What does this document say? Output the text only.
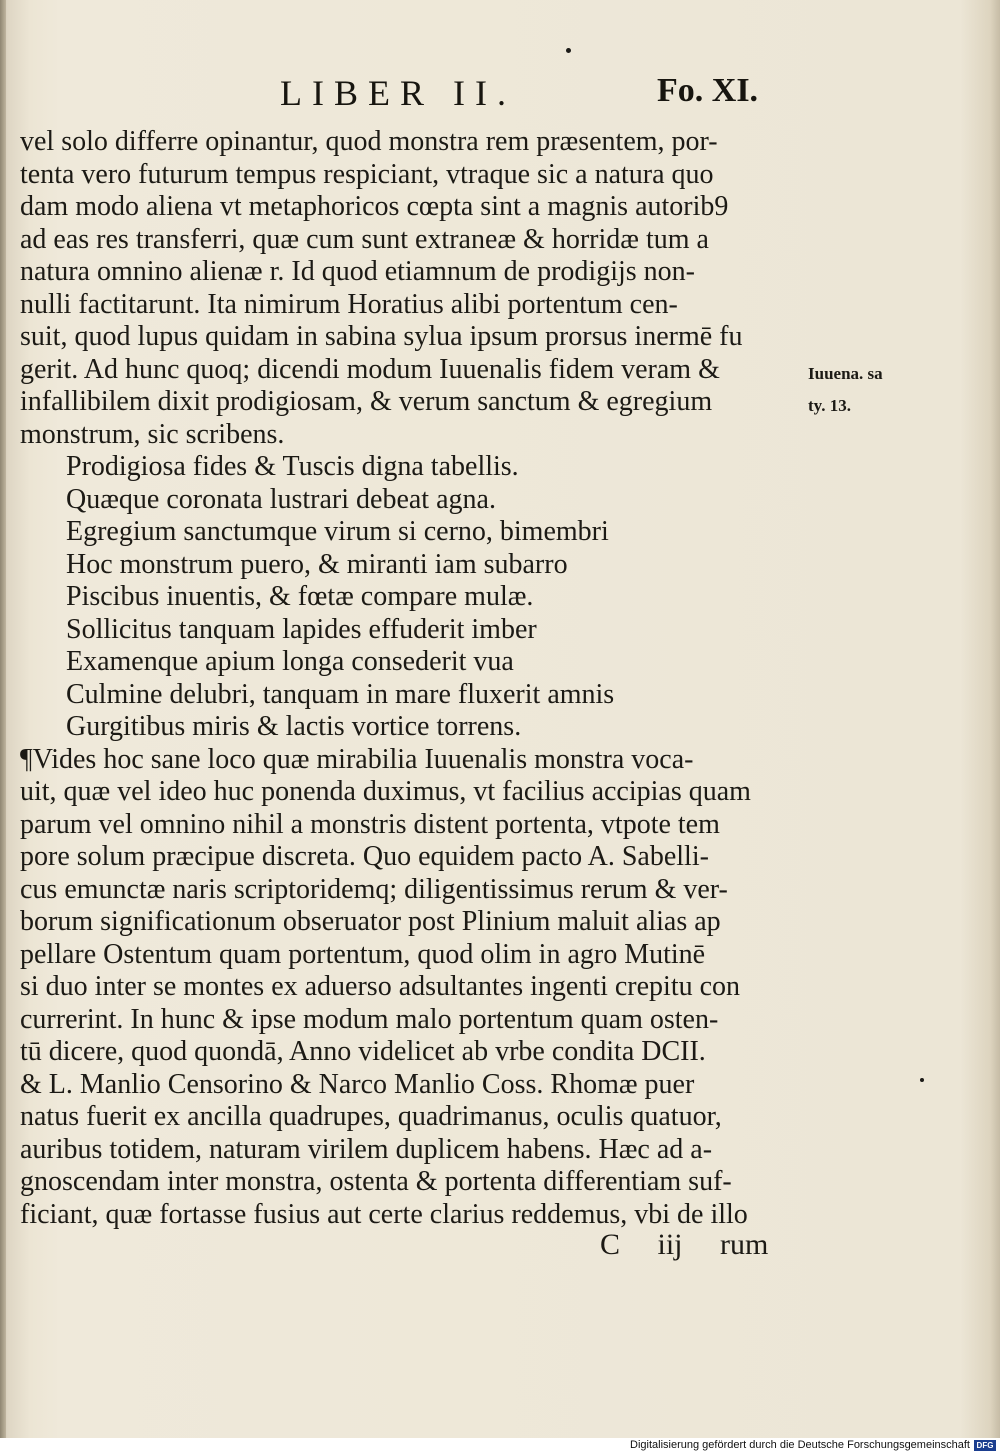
LIBER II.	Fo. XI.
vel solo differre opinantur, quod monstra rem præsentem, por-
tenta vero futurum tempus respiciant, vtraque sic a natura quo
dam modo aliena vt metaphoricos cœpta sint a magnis autorib9
ad eas res transferri, quæ cum sunt extraneæ & horridæ tum a
natura omnino alienæ r. Id quod etiamnum de prodigijs non-
nulli factitarunt. Ita nimirum Horatius alibi portentum cen-
suit, quod lupus quidam in sabina sylua ipsum prorsus inermē fu
gerit. Ad hunc quoq; dicendi modum Iuuenalis fidem veram &
infallibilem dixit prodigiosam, & verum sanctum & egregium
monstrum, sic scribens.
Prodigiosa fides & Tuscis digna tabellis.
Quæque coronata lustrari debeat agna.
Egregium sanctumque virum si cerno, bimembri
Hoc monstrum puero, & miranti iam subarro
Piscibus inuentis, & fœtæ compare mulæ.
Sollicitus tanquam lapides effuderit imber
Examenque apium longa consederit vua
Culmine delubri, tanquam in mare fluxerit amnis
Gurgitibus miris & lactis vortice torrens.
¶Vides hoc sane loco quæ mirabilia Iuuenalis monstra voca-
uit, quæ vel ideo huc ponenda duximus, vt facilius accipias quam
parum vel omnino nihil a monstris distent portenta, vtpote tem
pore solum præcipue discreta. Quo equidem pacto A. Sabelli-
cus emunctæ naris scriptoridemq; diligentissimus rerum & ver-
borum significationum obseruator post Plinium maluit alias ap
pellare Ostentum quam portentum, quod olim in agro Mutinē
si duo inter se montes ex aduerso adsultantes ingenti crepitu con
currerint. In hunc & ipse modum malo portentum quam osten-
tū dicere, quod quondā, Anno videlicet ab vrbe condita DCII.
& L. Manlio Censorino & Narco Manlio Coss. Rhomæ puer
natus fuerit ex ancilla quadrupes, quadrimanus, oculis quatuor,
auribus totidem, naturam virilem duplicem habens. Hæc ad a-
gnoscendam inter monstra, ostenta & portenta differentiam suf-
ficiant, quæ fortasse fusius aut certe clarius reddemus, vbi de illo
Iuuena. sa
ty. 13.
C iij rum
Digitalisierung gefördert durch die Deutsche Forschungsgemeinschaft DFG
